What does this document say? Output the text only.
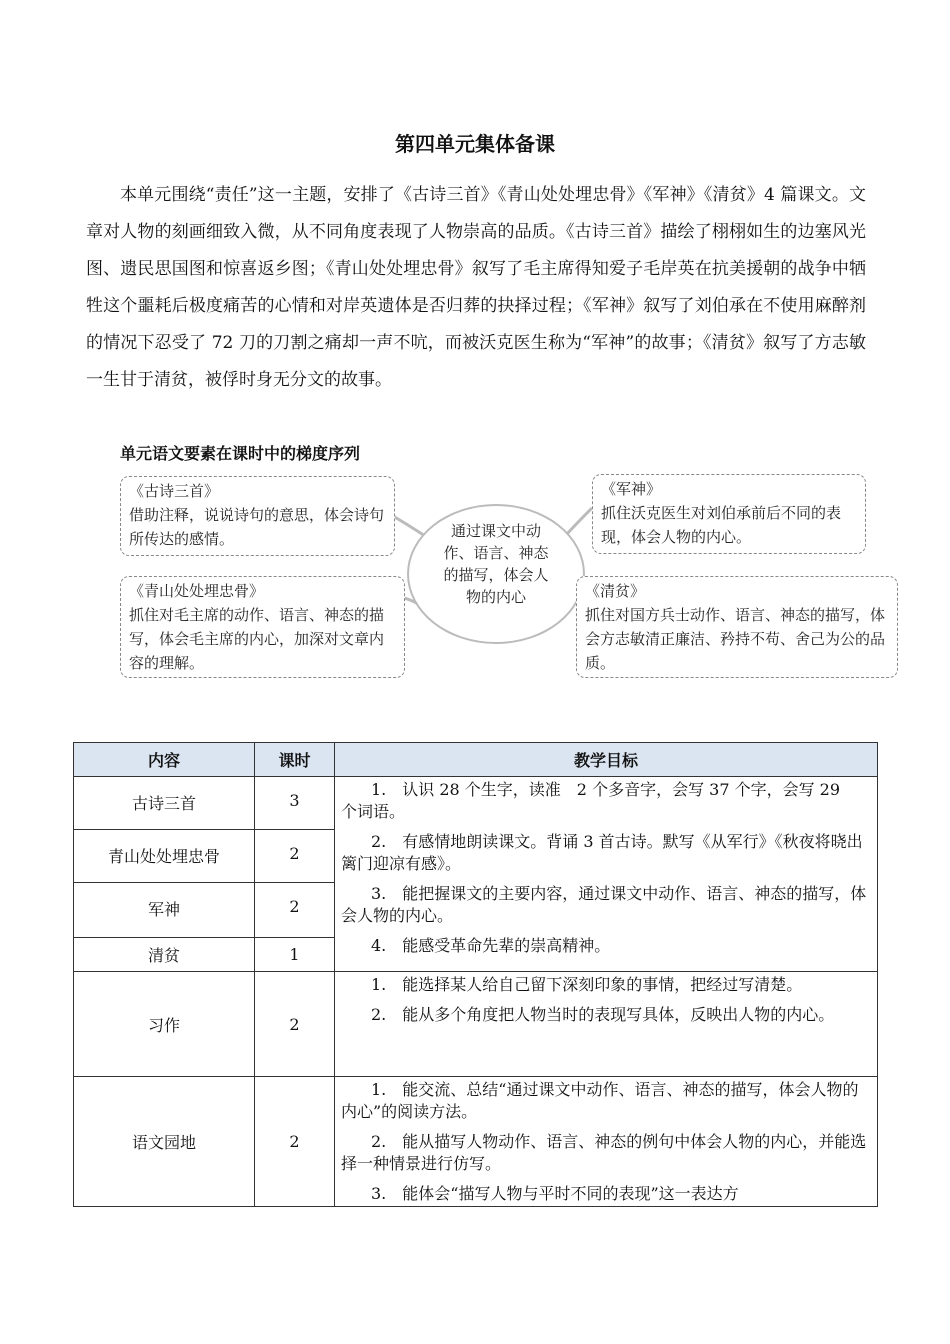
第四单元集体备课

本单元围绕“责任”这一主题，安排了《古诗三首》《青山处处埋忠骨》《军神》《清贫》4 篇课文。文章对人物的刻画细致入微，从不同角度表现了人物崇高的品质。《古诗三首》描绘了栩栩如生的边塞风光图、遗民思国图和惊喜返乡图；《青山处处埋忠骨》叙写了毛主席得知爱子毛岸英在抗美援朝的战争中牺牲这个噩耗后极度痛苦的心情和对岸英遗体是否归葬的抉择过程；《军神》叙写了刘伯承在不使用麻醉剂的情况下忍受了 72 刀的刀割之痛却一声不吭，而被沃克医生称为“军神”的故事；《清贫》叙写了方志敏一生甘于清贫，被俘时身无分文的故事。

单元语文要素在课时中的梯度序列
通过课文中动作、语言、神态的描写，体会人物的内心
《古诗三首》
借助注释，说说诗句的意思，体会诗句所传达的感情。
《青山处处埋忠骨》
抓住对毛主席的动作、语言、神态的描写，体会毛主席的内心，加深对文章内容的理解。
《军神》
抓住沃克医生对刘伯承前后不同的表现，体会人物的内心。
《清贫》
抓住对国方兵士动作、语言、神态的描写，体会方志敏清正廉洁、矜持不苟、舍己为公的品质。
内容	课时	教学目标
古诗三首	3	1.　认识 28 个生字，读准　2 个多音字，会写 37 个字，会写 29　个词语。
2.　有感情地朗读课文。背诵 3 首古诗。默写《从军行》《秋夜将晓出篱门迎凉有感》。
3.　能把握课文的主要内容，通过课文中动作、语言、神态的描写，体会人物的内心。
4.　能感受革命先辈的崇高精神。

青山处处埋忠骨	2	
军神	2	
清贫	1	
习作	2	1.　能选择某人给自己留下深刻印象的事情，把经过写清楚。
2.　能从多个角度把人物当时的表现写具体，反映出人物的内心。

语文园地	2	1.　能交流、总结“通过课文中动作、语言、神态的描写，体会人物的内心”的阅读方法。
2.　能从描写人物动作、语言、神态的例句中体会人物的内心，并能选择一种情景进行仿写。
3.　能体会“描写人物与平时不同的表现”这一表达方
